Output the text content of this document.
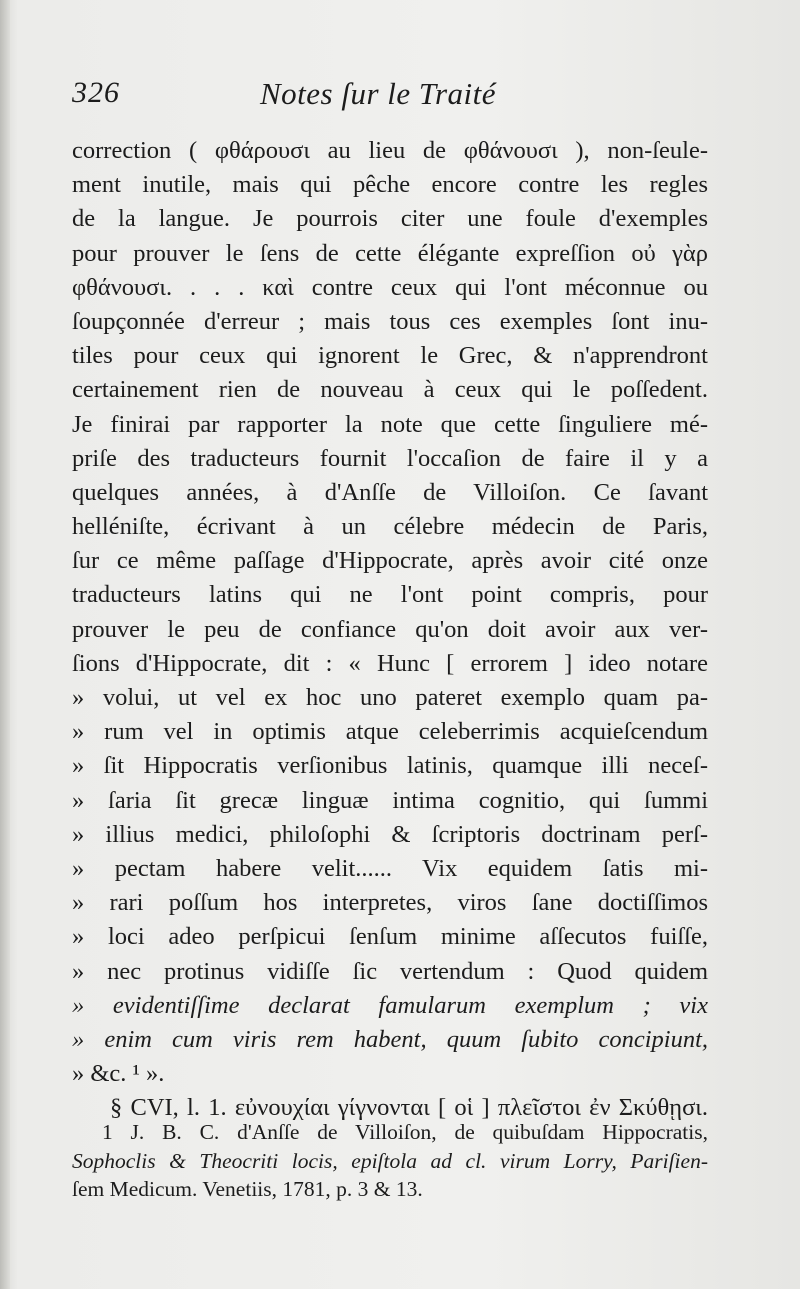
326	Notes ſur le Traité
correction ( φθάρουσι au lieu de φθάνουσι ), non-ſeule-
ment inutile, mais qui pêche encore contre les regles
de la langue. Je pourrois citer une foule d'exemples
pour prouver le ſens de cette élégante expreſſion οὐ γὰρ
φθάνουσι. . . . καὶ contre ceux qui l'ont méconnue ou
ſoupçonnée d'erreur ; mais tous ces exemples ſont inu-
tiles pour ceux qui ignorent le Grec, & n'apprendront
certainement rien de nouveau à ceux qui le poſſedent.
Je finirai par rapporter la note que cette ſinguliere mé-
priſe des traducteurs fournit l'occaſion de faire il y a
quelques années, à d'Anſſe de Villoiſon. Ce ſavant
helléniſte, écrivant à un célebre médecin de Paris,
ſur ce même paſſage d'Hippocrate, après avoir cité onze
traducteurs latins qui ne l'ont point compris, pour
prouver le peu de confiance qu'on doit avoir aux ver-
ſions d'Hippocrate, dit : « Hunc [ errorem ] ideo notare
» volui, ut vel ex hoc uno pateret exemplo quam pa-
» rum vel in optimis atque celeberrimis acquieſcendum
» ſit Hippocratis verſionibus latinis, quamque illi neceſ-
» ſaria ſit grecæ linguæ intima cognitio, qui ſummi
» illius medici, philoſophi & ſcriptoris doctrinam perſ-
» pectam habere velit...... Vix equidem ſatis mi-
» rari poſſum hos interpretes, viros ſane doctiſſimos
» loci adeo perſpicui ſenſum minime aſſecutos fuiſſe,
» nec protinus vidiſſe ſic vertendum : Quod quidem
» evidentiſſime declarat famularum exemplum ; vix
» enim cum viris rem habent, quum ſubito concipiunt,
» &c. ¹ ».
§ CVI, l. 1. εὐνουχίαι γίγνονται [ οἱ ] πλεῖστοι ἐν Σκύθῃσι.
1 J. B. C. d'Anſſe de Villoiſon, de quibuſdam Hippocratis,
Sophoclis & Theocriti locis, epiſtola ad cl. virum Lorry, Pariſien-
ſem Medicum. Venetiis, 1781, p. 3 & 13.
